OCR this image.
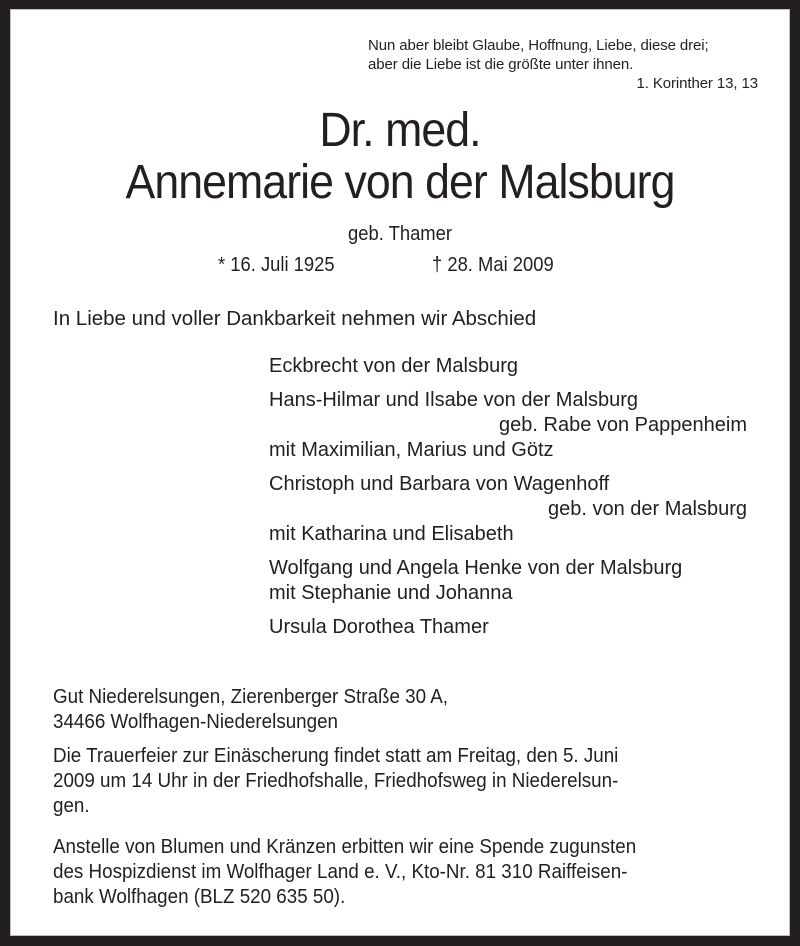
Nun aber bleibt Glaube, Hoffnung, Liebe, diese drei;
aber die Liebe ist die größte unter ihnen.
1. Korinther 13, 13
Dr. med.
Annemarie von der Malsburg
geb. Thamer
* 16. Juli 1925	† 28. Mai 2009
In Liebe und voller Dankbarkeit nehmen wir Abschied
Eckbrecht von der Malsburg
Hans-Hilmar und Ilsabe von der Malsburg
geb. Rabe von Pappenheim
mit Maximilian, Marius und Götz
Christoph und Barbara von Wagenhoff
geb. von der Malsburg
mit Katharina und Elisabeth
Wolfgang und Angela Henke von der Malsburg
mit Stephanie und Johanna
Ursula Dorothea Thamer
Gut Niederelsungen, Zierenberger Straße 30 A,
34466 Wolfhagen-Niederelsungen
Die Trauerfeier zur Einäscherung findet statt am Freitag, den 5. Juni
2009 um 14 Uhr in der Friedhofshalle, Friedhofsweg in Niederelsun-
gen.
Anstelle von Blumen und Kränzen erbitten wir eine Spende zugunsten
des Hospizdienst im Wolfhager Land e. V., Kto-Nr. 81 310 Raiffeisen-
bank Wolfhagen (BLZ 520 635 50).
